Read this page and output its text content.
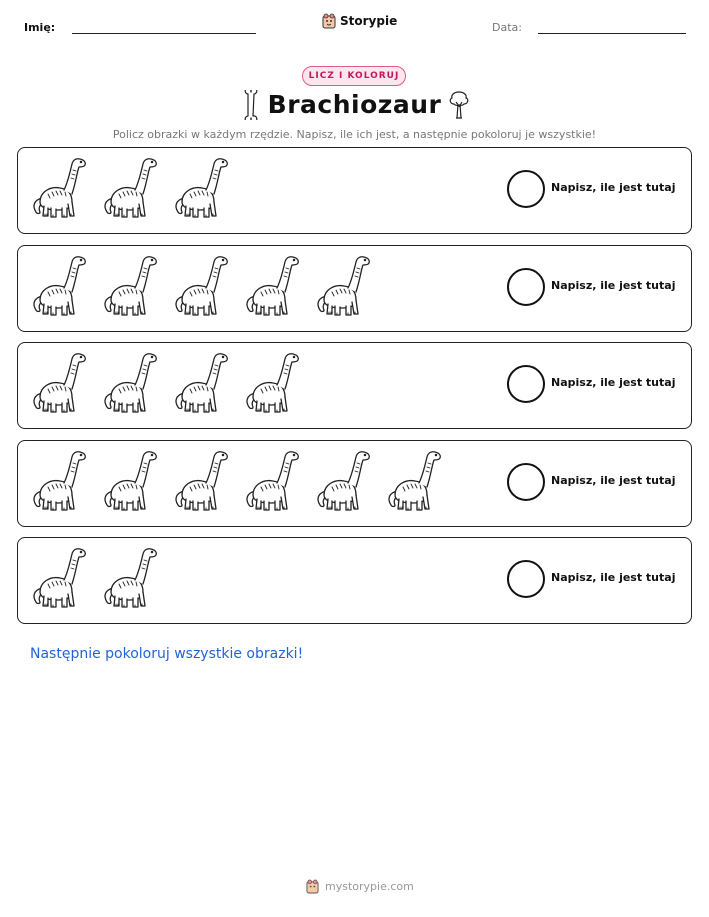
Imię:	Storypie	Data:
LICZ I KOLORUJ
Brachiozaur
Policz obrazki w każdym rzędzie. Napisz, ile ich jest, a następnie pokoloruj je wszystkie!
Napisz, ile jest tutaj
Napisz, ile jest tutaj
Napisz, ile jest tutaj
Napisz, ile jest tutaj
Napisz, ile jest tutaj
Następnie pokoloruj wszystkie obrazki!
mystorypie.com
